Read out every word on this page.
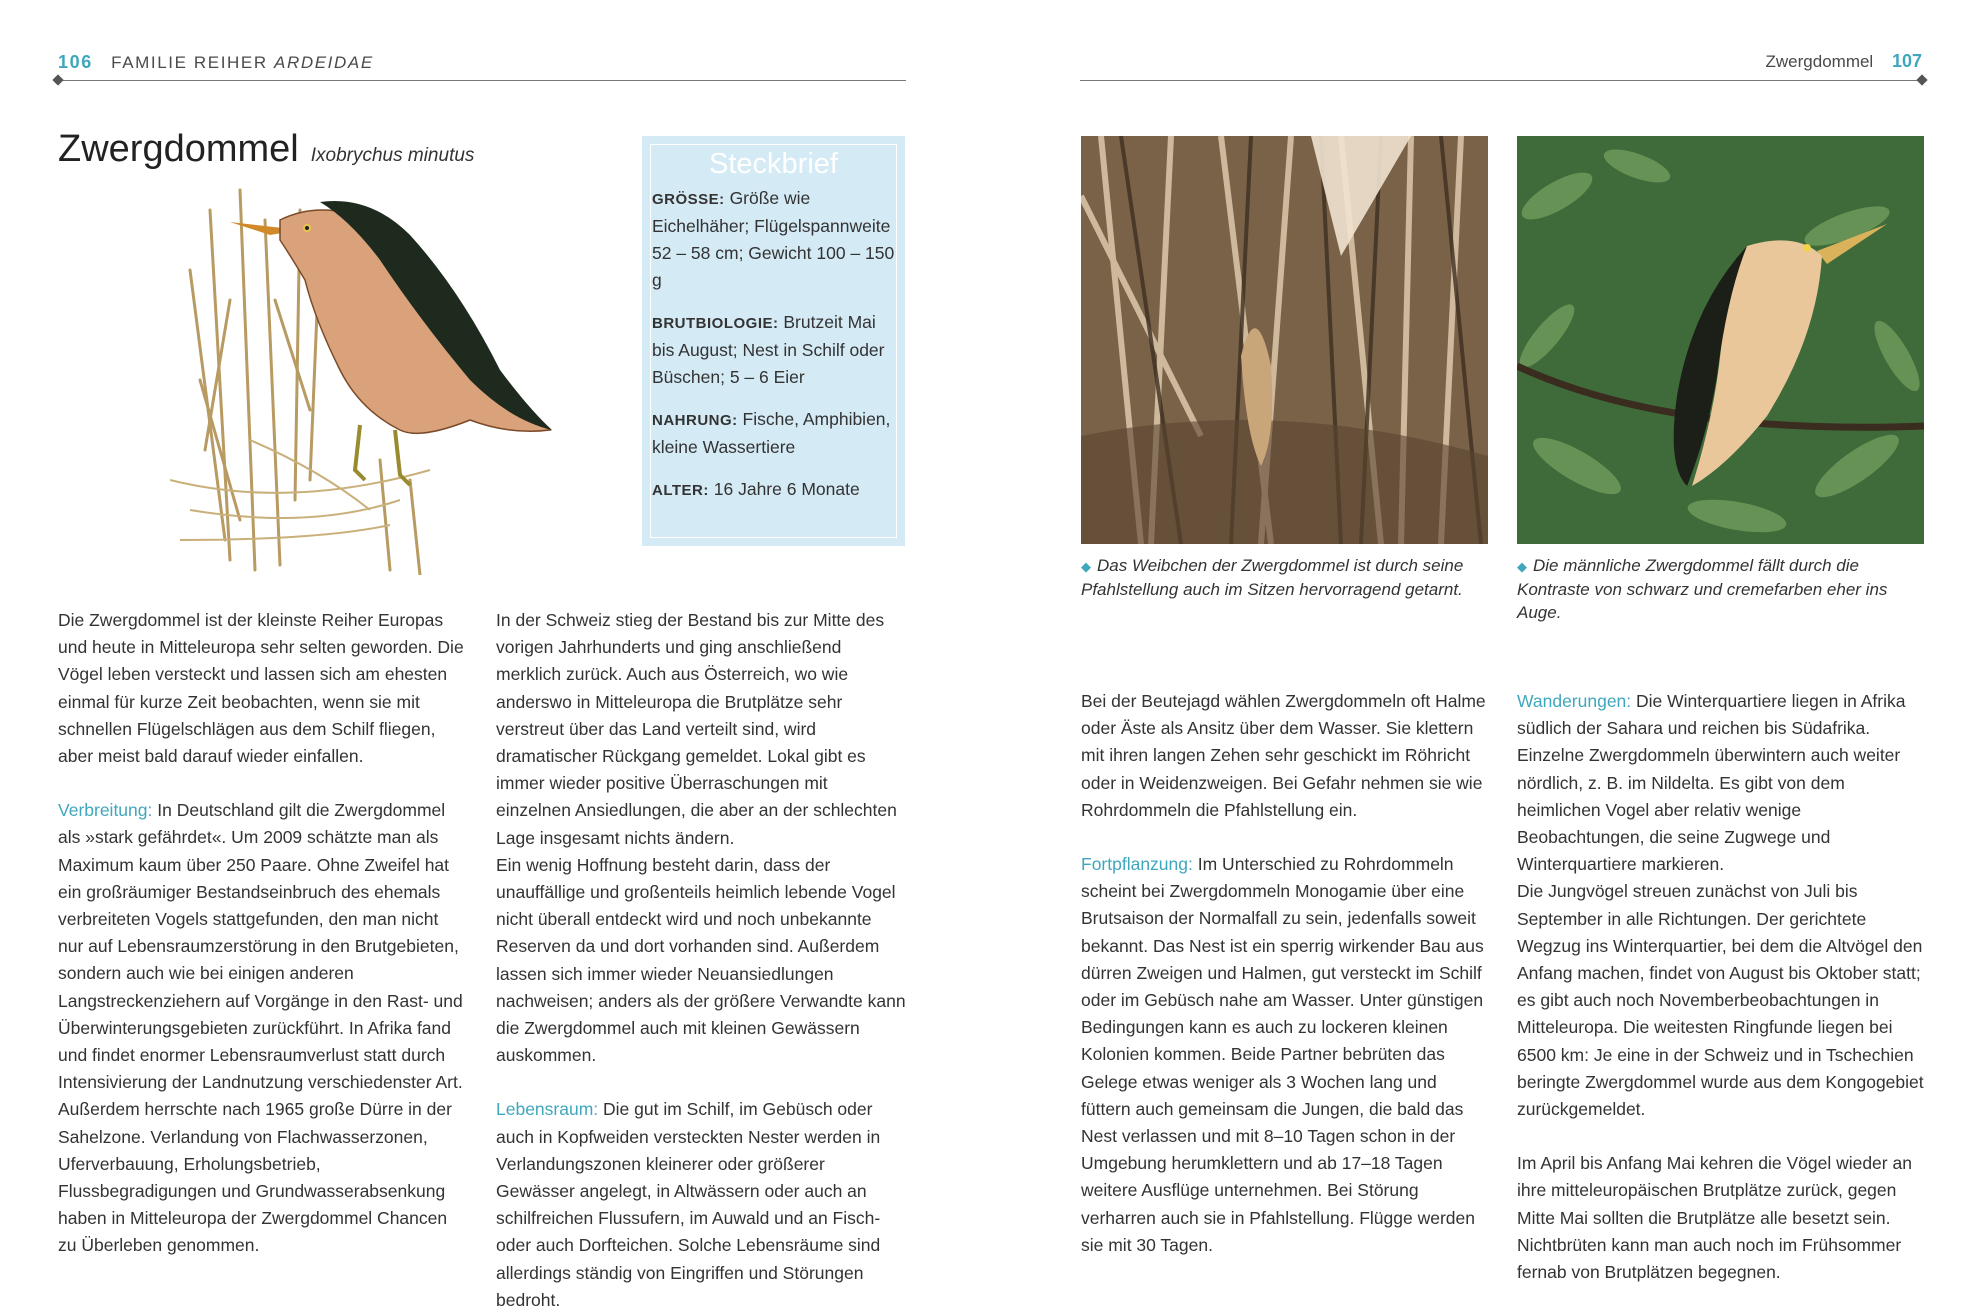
106 FAMILIE REIHER ARDEIDAE	Zwergdommel 107
Zwergdommel Ixobrychus minutus	Steckbrief

GRÖSSE: Größe wie Eichelhäher; Flügelspannweite 52 – 58 cm; Gewicht 100 – 150 g

BRUTBIOLOGIE: Brutzeit Mai bis August; Nest in Schilf oder Büschen; 5 – 6 Eier

NAHRUNG: Fische, Amphibien, kleine Wassertiere

ALTER: 16 Jahre 6 Monate

◆ Das Weibchen der Zwergdommel ist durch seine Pfahlstellung auch im Sitzen hervorragend getarnt.
◆ Die männliche Zwergdommel fällt durch die Kontraste von schwarz und cremefarben eher ins Auge.

Die Zwergdommel ist der kleinste Reiher Europas und heute in Mitteleuropa sehr selten geworden. Die Vögel leben versteckt und lassen sich am ehesten einmal für kurze Zeit beobachten, wenn sie mit schnellen Flügelschlägen aus dem Schilf fliegen, aber meist bald darauf wieder einfallen.

Verbreitung: In Deutschland gilt die Zwergdommel als »stark gefährdet«. Um 2009 schätzte man als Maximum kaum über 250 Paare. Ohne Zweifel hat ein großräumiger Bestandseinbruch des ehemals verbreiteten Vogels stattgefunden, den man nicht nur auf Lebensraumzerstörung in den Brutgebieten, sondern auch wie bei einigen anderen Langstreckenziehern auf Vorgänge in den Rast- und Überwinterungsgebieten zurückführt. In Afrika fand und findet enormer Lebensraumverlust statt durch Intensivierung der Landnutzung verschiedenster Art. Außerdem herrschte nach 1965 große Dürre in der Sahelzone. Verlandung von Flachwasserzonen, Uferverbauung, Erholungsbetrieb, Flussbegradigungen und Grundwasserabsenkung haben in Mitteleuropa der Zwergdommel Chancen zu Überleben genommen.

In der Schweiz stieg der Bestand bis zur Mitte des vorigen Jahrhunderts und ging anschließend merklich zurück. Auch aus Österreich, wo wie anderswo in Mitteleuropa die Brutplätze sehr verstreut über das Land verteilt sind, wird dramatischer Rückgang gemeldet. Lokal gibt es immer wieder positive Überraschungen mit einzelnen Ansiedlungen, die aber an der schlechten Lage insgesamt nichts ändern.

Ein wenig Hoffnung besteht darin, dass der unauffällige und großenteils heimlich lebende Vogel nicht überall entdeckt wird und noch unbekannte Reserven da und dort vorhanden sind. Außerdem lassen sich immer wieder Neuansiedlungen nachweisen; anders als der größere Verwandte kann die Zwergdommel auch mit kleinen Gewässern auskommen.

Lebensraum: Die gut im Schilf, im Gebüsch oder auch in Kopfweiden versteckten Nester werden in Verlandungszonen kleinerer oder größerer Gewässer angelegt, in Altwässern oder auch an schilfreichen Flussufern, im Auwald und an Fisch- oder auch Dorfteichen. Solche Lebensräume sind allerdings ständig von Eingriffen und Störungen bedroht.

Bei der Beutejagd wählen Zwergdommeln oft Halme oder Äste als Ansitz über dem Wasser. Sie klettern mit ihren langen Zehen sehr geschickt im Röhricht oder in Weidenzweigen. Bei Gefahr nehmen sie wie Rohrdommeln die Pfahlstellung ein.

Fortpflanzung: Im Unterschied zu Rohrdommeln scheint bei Zwergdommeln Monogamie über eine Brutsaison der Normalfall zu sein, jedenfalls soweit bekannt. Das Nest ist ein sperrig wirkender Bau aus dürren Zweigen und Halmen, gut versteckt im Schilf oder im Gebüsch nahe am Wasser. Unter günstigen Bedingungen kann es auch zu lockeren kleinen Kolonien kommen. Beide Partner bebrüten das Gelege etwas weniger als 3 Wochen lang und füttern auch gemeinsam die Jungen, die bald das Nest verlassen und mit 8–10 Tagen schon in der Umgebung herumklettern und ab 17–18 Tagen weitere Ausflüge unternehmen. Bei Störung verharren auch sie in Pfahlstellung. Flügge werden sie mit 30 Tagen.

Wanderungen: Die Winterquartiere liegen in Afrika südlich der Sahara und reichen bis Südafrika. Einzelne Zwergdommeln überwintern auch weiter nördlich, z. B. im Nildelta. Es gibt von dem heimlichen Vogel aber relativ wenige Beobachtungen, die seine Zugwege und Winterquartiere markieren.

Die Jungvögel streuen zunächst von Juli bis September in alle Richtungen. Der gerichtete Wegzug ins Winterquartier, bei dem die Altvögel den Anfang machen, findet von August bis Oktober statt; es gibt auch noch Novemberbeobachtungen in Mitteleuropa. Die weitesten Ringfunde liegen bei 6500 km: Je eine in der Schweiz und in Tschechien beringte Zwergdommel wurde aus dem Kongogebiet zurückgemeldet.

Im April bis Anfang Mai kehren die Vögel wieder an ihre mitteleuropäischen Brutplätze zurück, gegen Mitte Mai sollten die Brutplätze alle besetzt sein. Nichtbrüten kann man auch noch im Frühsommer fernab von Brutplätzen begegnen.
